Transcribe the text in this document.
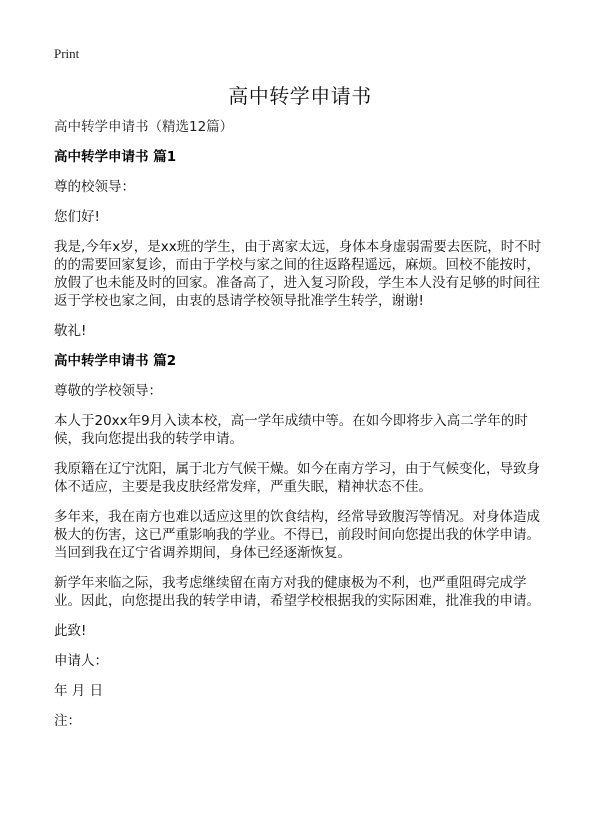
Print
高中转学申请书

高中转学申请书（精选12篇）

高中转学申请书 篇1

尊的校领导：

您们好!

我是,今年x岁，是xx班的学生，由于离家太远，身体本身虚弱需要去医院，时不时的的需要回家复诊，而由于学校与家之间的往返路程遥远，麻烦。回校不能按时，放假了也未能及时的回家。准备高了，进入复习阶段，学生本人没有足够的时间往返于学校也家之间，由衷的恳请学校领导批准学生转学，谢谢!

敬礼!

高中转学申请书 篇2

尊敬的学校领导：

本人于20xx年9月入读本校，高一学年成绩中等。在如今即将步入高二学年的时候，我向您提出我的转学申请。

我原籍在辽宁沈阳，属于北方气候干燥。如今在南方学习，由于气候变化，导致身体不适应，主要是我皮肤经常发痒，严重失眠，精神状态不佳。

多年来，我在南方也难以适应这里的饮食结构，经常导致腹泻等情况。对身体造成极大的伤害，这已严重影响我的学业。不得已，前段时间向您提出我的休学申请。当回到我在辽宁省调养期间，身体已经逐渐恢复。

新学年来临之际，我考虑继续留在南方对我的健康极为不利，也严重阻碍完成学业。因此，向您提出我的转学申请，希望学校根据我的实际困难，批准我的申请。

此致!

申请人：

年 月 日

注：
